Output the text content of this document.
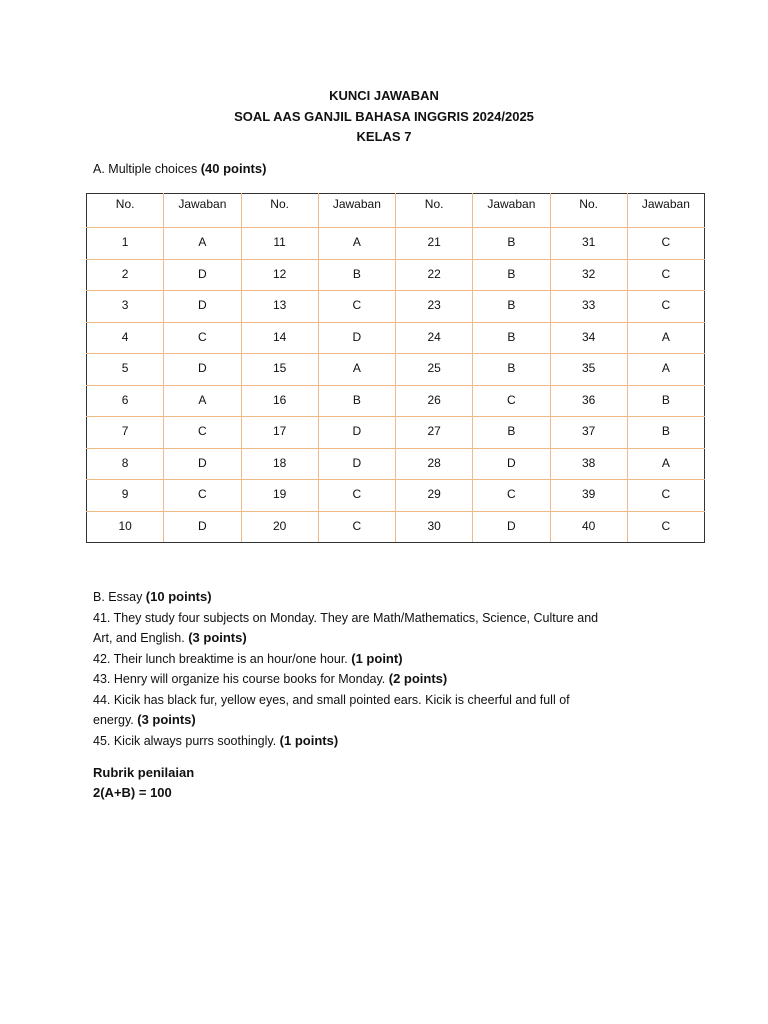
KUNCI JAWABAN
SOAL AAS GANJIL BAHASA INGGRIS 2024/2025
KELAS 7
A. Multiple choices (40 points)
No.	Jawaban	No.	Jawaban	No.	Jawaban	No.	Jawaban
1	A	11	A	21	B	31	C
2	D	12	B	22	B	32	C
3	D	13	C	23	B	33	C
4	C	14	D	24	B	34	A
5	D	15	A	25	B	35	A
6	A	16	B	26	C	36	B
7	C	17	D	27	B	37	B
8	D	18	D	28	D	38	A
9	C	19	C	29	C	39	C
10	D	20	C	30	D	40	C
B. Essay (10 points)
41. They study four subjects on Monday. They are Math/Mathematics, Science, Culture and
Art, and English. (3 points)
42. Their lunch breaktime is an hour/one hour. (1 point)
43. Henry will organize his course books for Monday. (2 points)
44. Kicik has black fur, yellow eyes, and small pointed ears. Kicik is cheerful and full of
energy. (3 points)
45. Kicik always purrs soothingly. (1 points)
Rubrik penilaian
2(A+B) = 100
